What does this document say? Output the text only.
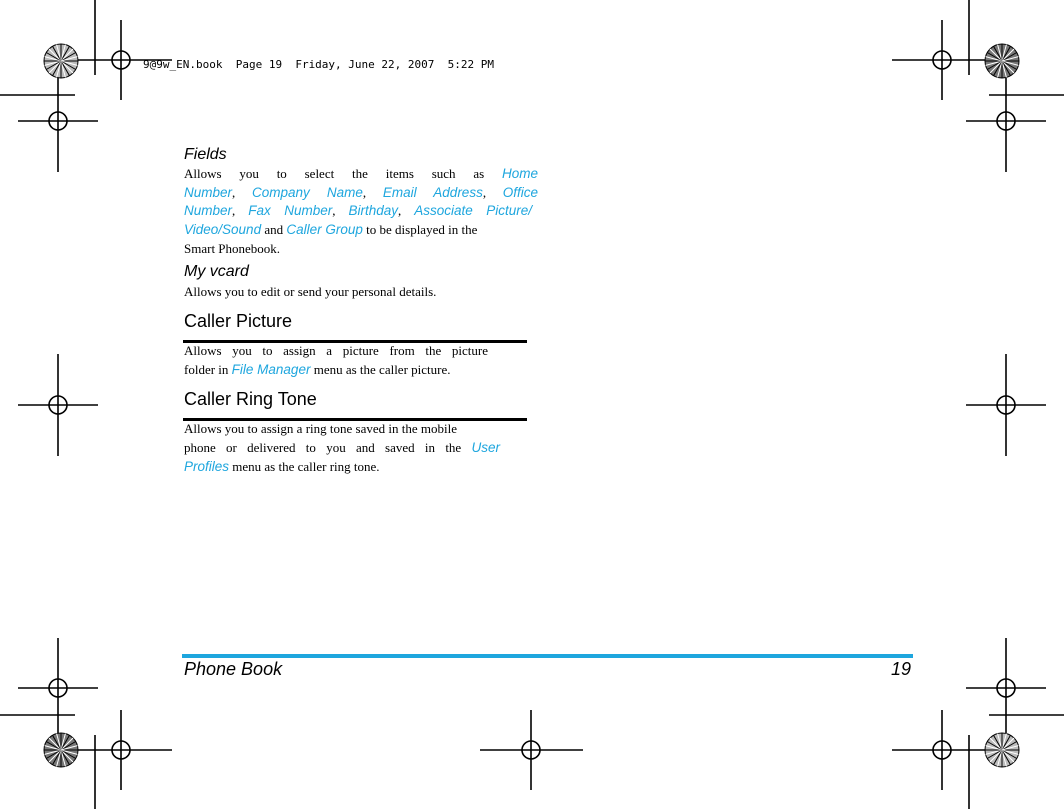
9@9w_EN.book  Page 19  Friday, June 22, 2007  5:22 PM
Fields
Allows you to select the items such as Home
Number, Company Name, Email Address, Office
Number, Fax Number, Birthday, Associate Picture/
Video/Sound and Caller Group to be displayed in the
Smart Phonebook.
My vcard
Allows you to edit or send your personal details.
Caller Picture
Allows you to assign a picture from the picture
folder in File Manager menu as the caller picture.
Caller Ring Tone
Allows you to assign a ring tone saved in the mobile
phone or delivered to you and saved in the User
Profiles menu as the caller ring tone.
Phone Book	19
